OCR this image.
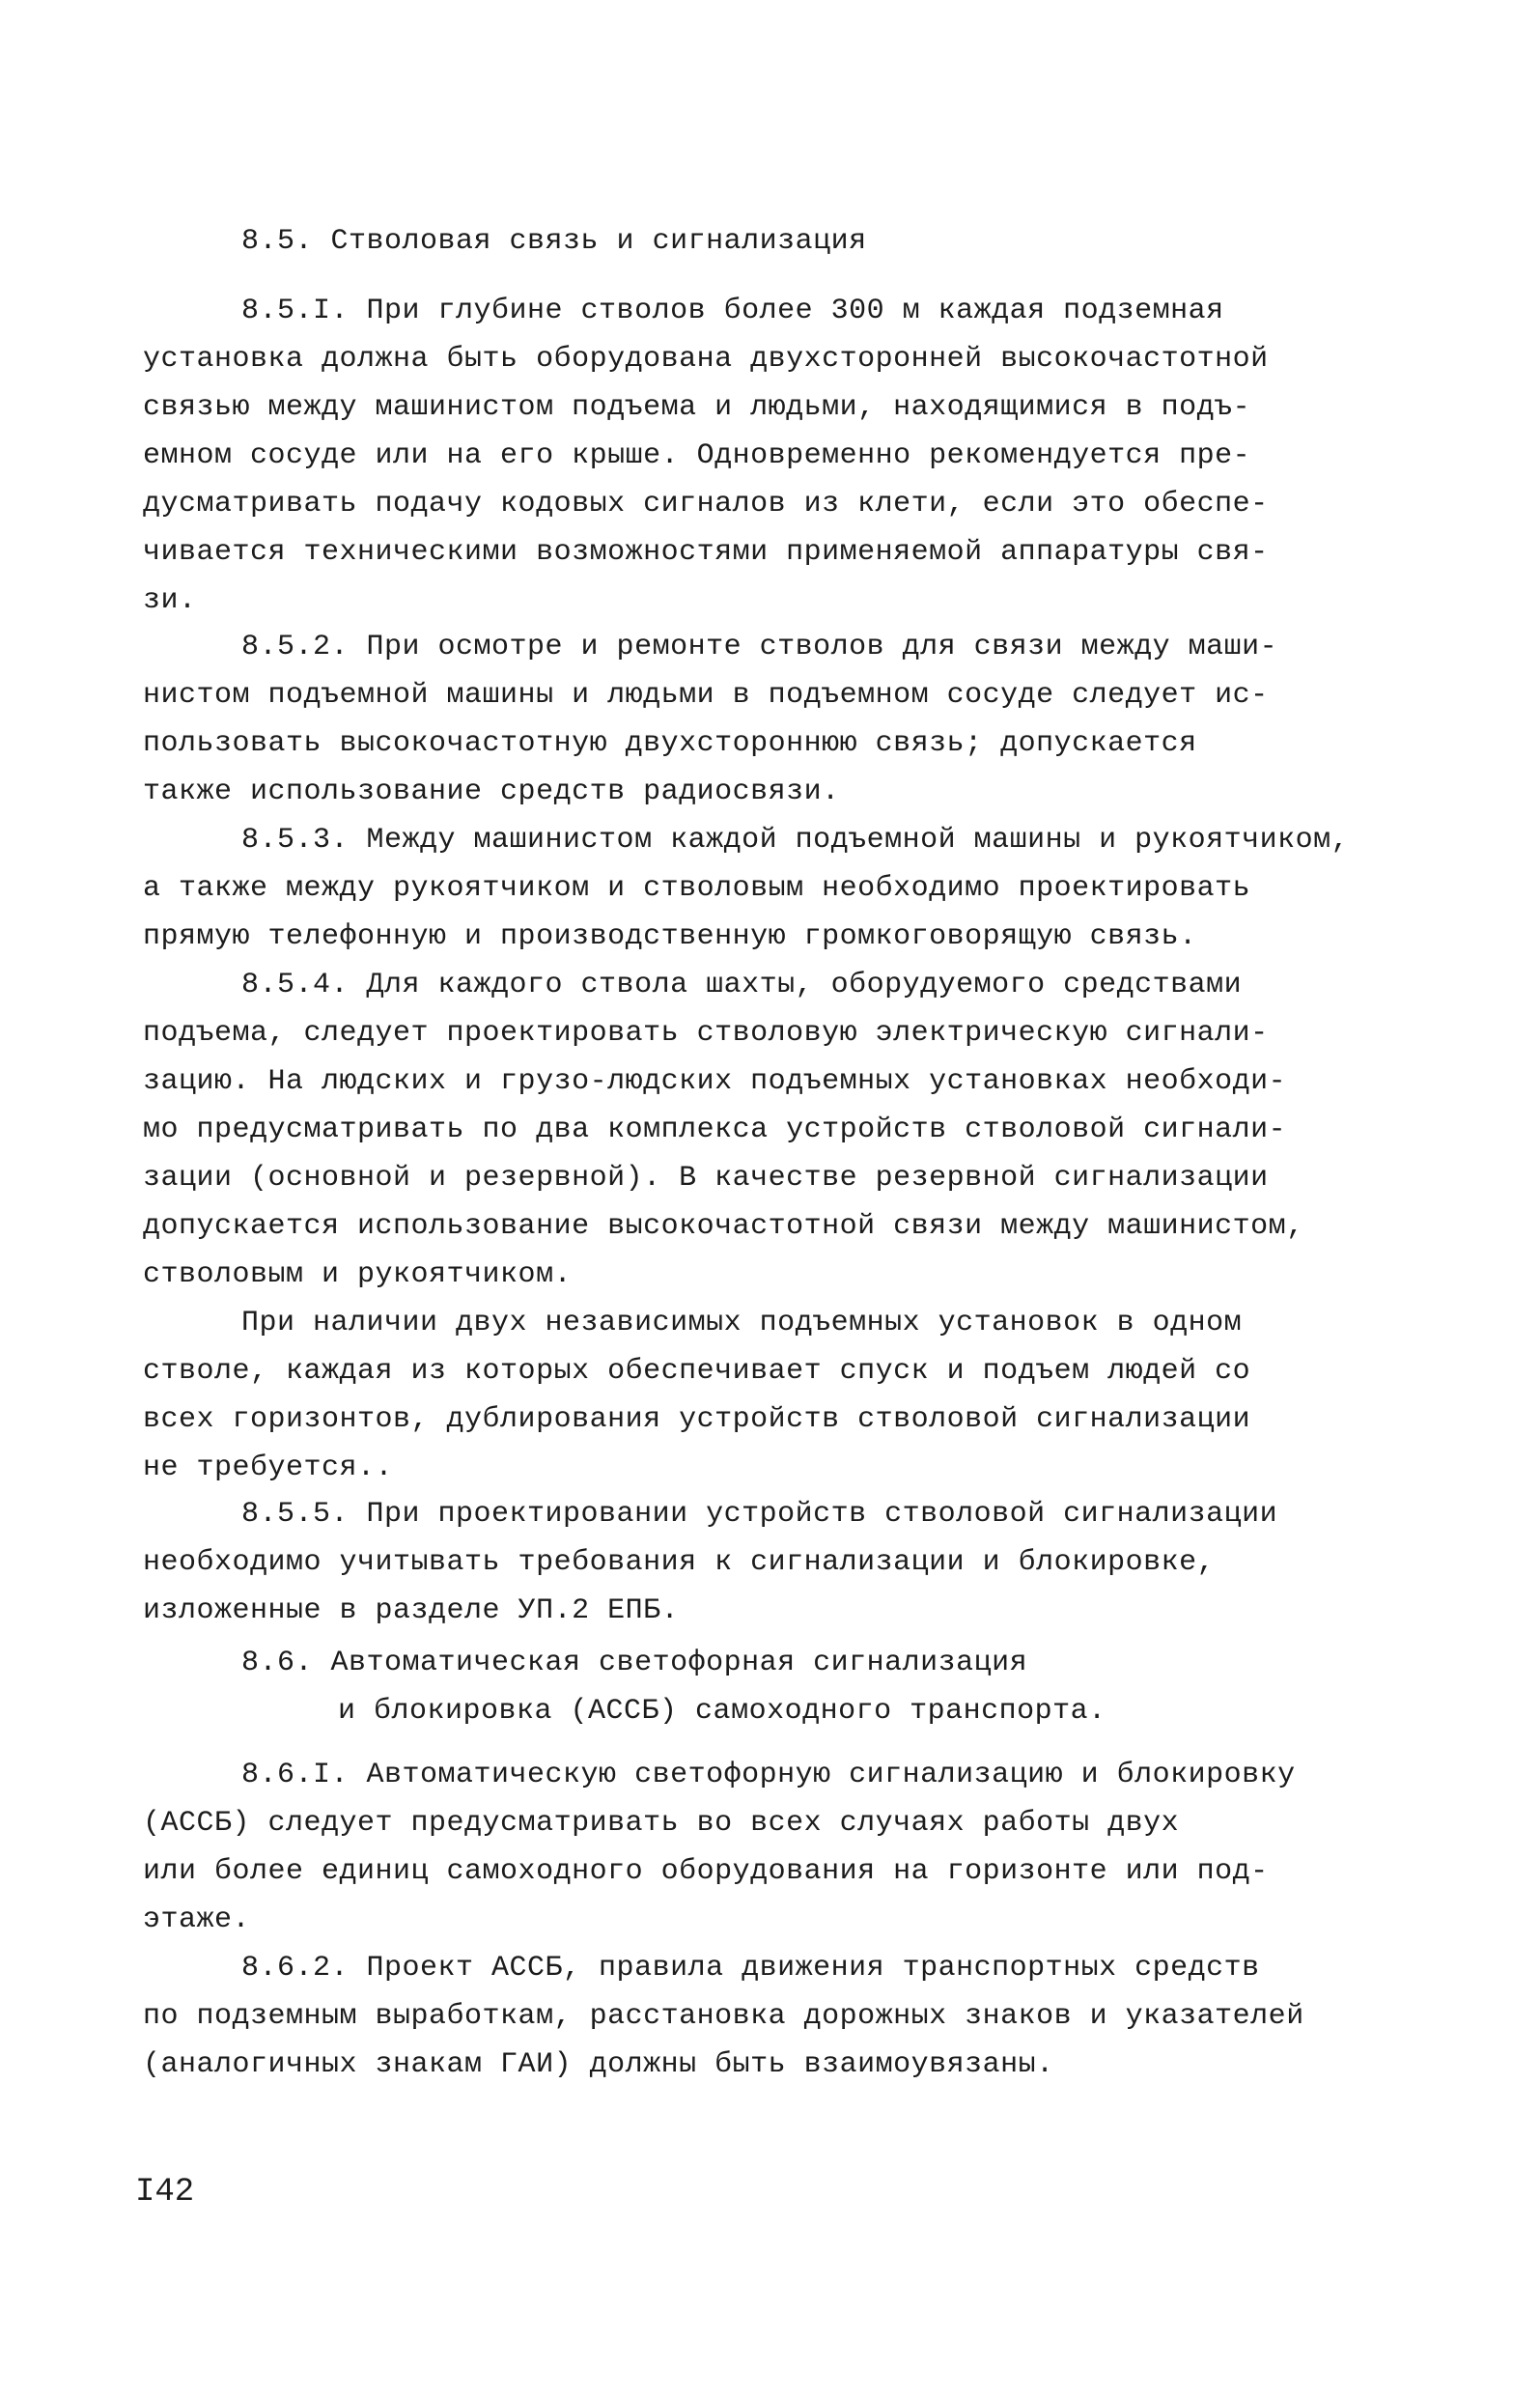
8.5. Стволовая связь и сигнализация

8.5.I. При глубине стволов более 300 м каждая подземная

установка должна быть оборудована двухсторонней высокочастотной

связью между машинистом подъема и людьми, находящимися в подъ-

емном сосуде или на его крыше. Одновременно рекомендуется пре-

дусматривать подачу кодовых сигналов из клети, если это обеспе-

чивается техническими возможностями применяемой аппаратуры свя-

зи.

8.5.2. При осмотре и ремонте стволов для связи между маши-

нистом подъемной машины и людьми в подъемном сосуде следует ис-

пользовать высокочастотную двухстороннюю связь; допускается

также использование средств радиосвязи.

8.5.3. Между машинистом каждой подъемной машины и рукоятчиком,

а также между рукоятчиком и стволовым необходимо проектировать

прямую телефонную и производственную громкоговорящую связь.

8.5.4. Для каждого ствола шахты, оборудуемого средствами

подъема, следует проектировать стволовую электрическую сигнали-

зацию. На людских и грузо-людских подъемных установках необходи-

мо предусматривать по два комплекса устройств стволовой сигнали-

зации (основной и резервной). В качестве резервной сигнализации

допускается использование высокочастотной связи между машинистом,

стволовым и рукоятчиком.

При наличии двух независимых подъемных установок в одном

стволе, каждая из которых обеспечивает спуск и подъем людей со

всех горизонтов, дублирования устройств стволовой сигнализации

не требуется..

8.5.5. При проектировании устройств стволовой сигнализации

необходимо учитывать требования к сигнализации и блокировке,

изложенные в разделе УП.2 ЕПБ.

8.6. Автоматическая светофорная сигнализация

и блокировка (АССБ) самоходного транспорта.

8.6.I. Автоматическую светофорную сигнализацию и блокировку

(АССБ) следует предусматривать во всех случаях работы двух

или более единиц самоходного оборудования на горизонте или под-

этаже.

8.6.2. Проект АССБ, правила движения транспортных средств

по подземным выработкам, расстановка дорожных знаков и указателей

(аналогичных знакам ГАИ) должны быть взаимоувязаны.

I42
